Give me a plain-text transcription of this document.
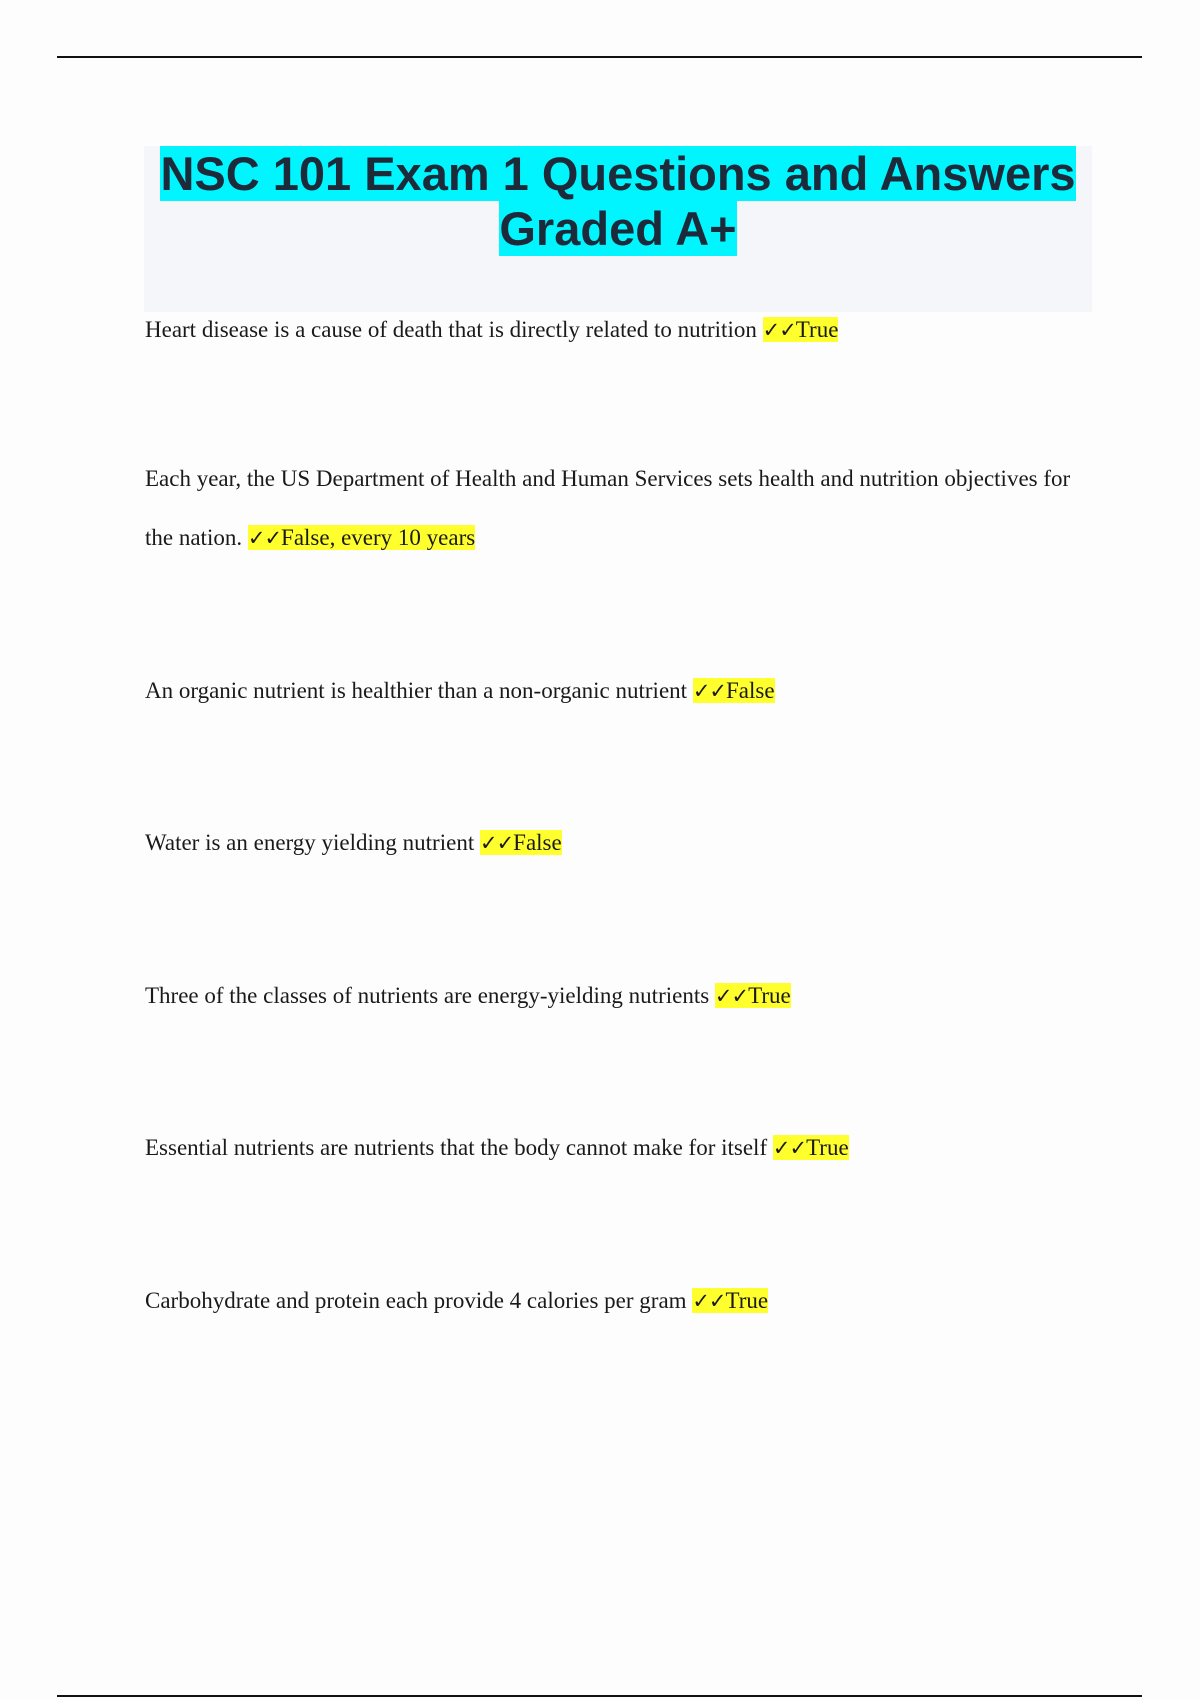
NSC 101 Exam 1 Questions and Answers
Graded A+
Heart disease is a cause of death that is directly related to nutrition ✓✓True
Each year, the US Department of Health and Human Services sets health and nutrition objectives for the nation. ✓✓False, every 10 years
An organic nutrient is healthier than a non-organic nutrient ✓✓False
Water is an energy yielding nutrient ✓✓False
Three of the classes of nutrients are energy-yielding nutrients ✓✓True
Essential nutrients are nutrients that the body cannot make for itself ✓✓True
Carbohydrate and protein each provide 4 calories per gram ✓✓True
